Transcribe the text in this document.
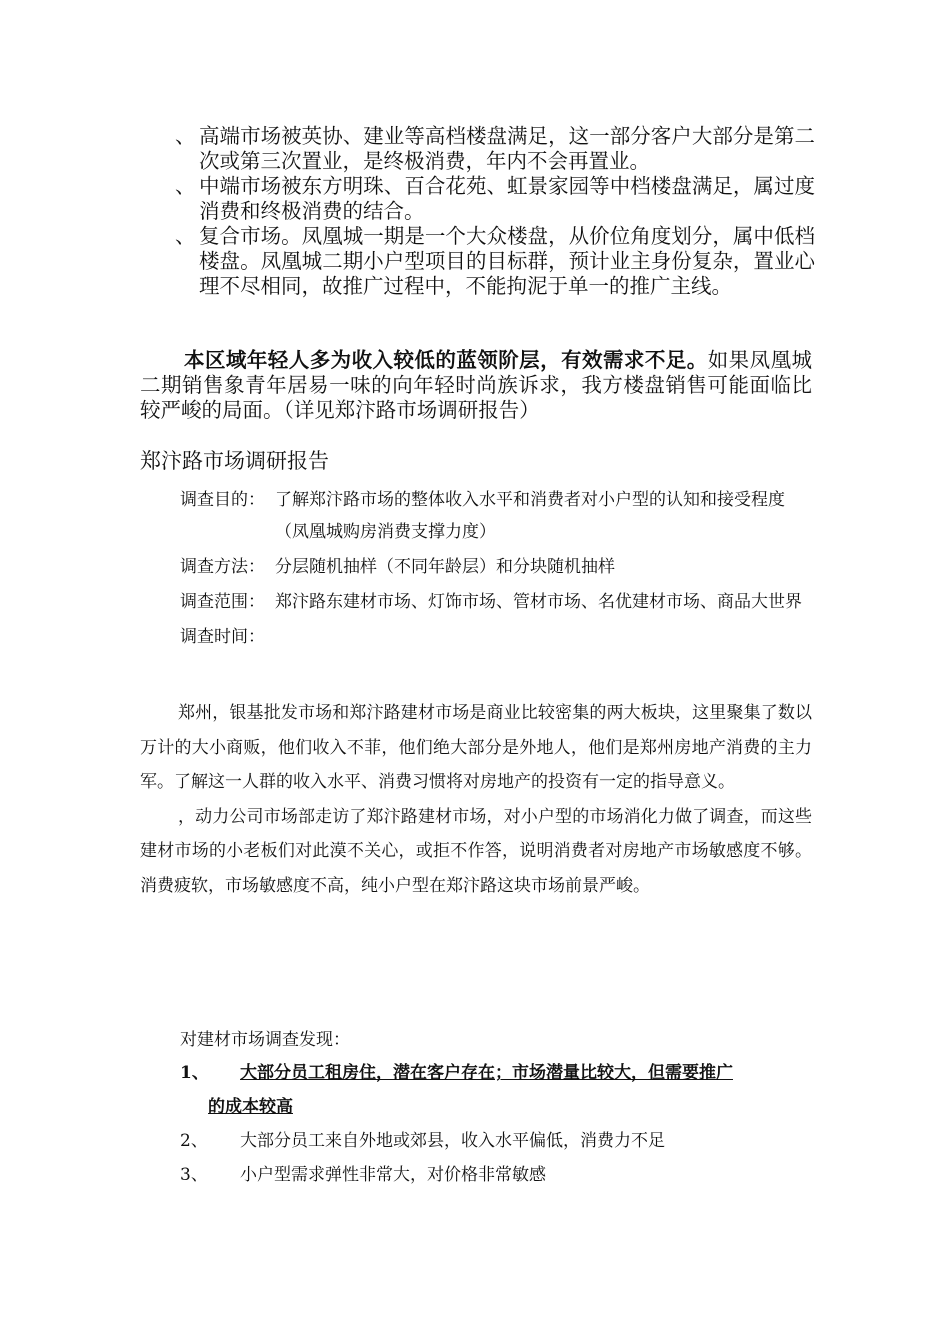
、 高端市场被英协、建业等高档楼盘满足，这一部分客户大部分是第二次或第三次置业，是终极消费，年内不会再置业。
、 中端市场被东方明珠、百合花苑、虹景家园等中档楼盘满足，属过度消费和终极消费的结合。
、 复合市场。凤凰城一期是一个大众楼盘，从价位角度划分，属中低档楼盘。凤凰城二期小户型项目的目标群，预计业主身份复杂，置业心理不尽相同，故推广过程中，不能拘泥于单一的推广主线。

本区域年轻人多为收入较低的蓝领阶层，有效需求不足。如果凤凰城二期销售象青年居易一味的向年轻时尚族诉求，我方楼盘销售可能面临比较严峻的局面。（详见郑汴路市场调研报告）

郑汴路市场调研报告
调查目的： 了解郑汴路市场的整体收入水平和消费者对小户型的认知和接受程度（凤凰城购房消费支撑力度）
调查方法： 分层随机抽样（不同年龄层）和分块随机抽样
调查范围： 郑汴路东建材市场、灯饰市场、管材市场、名优建材市场、商品大世界
调查时间：

郑州，银基批发市场和郑汴路建材市场是商业比较密集的两大板块，这里聚集了数以万计的大小商贩，他们收入不菲，他们绝大部分是外地人，他们是郑州房地产消费的主力军。了解这一人群的收入水平、消费习惯将对房地产的投资有一定的指导意义。

，动力公司市场部走访了郑汴路建材市场，对小户型的市场消化力做了调查，而这些建材市场的小老板们对此漠不关心，或拒不作答，说明消费者对房地产市场敏感度不够。消费疲软，市场敏感度不高，纯小户型在郑汴路这块市场前景严峻。

对建材市场调查发现：
1、 大部分员工租房住，潜在客户存在；市场潜量比较大，但需要推广
的成本较高
2、 大部分员工来自外地或郊县，收入水平偏低，消费力不足
3、 小户型需求弹性非常大，对价格非常敏感
